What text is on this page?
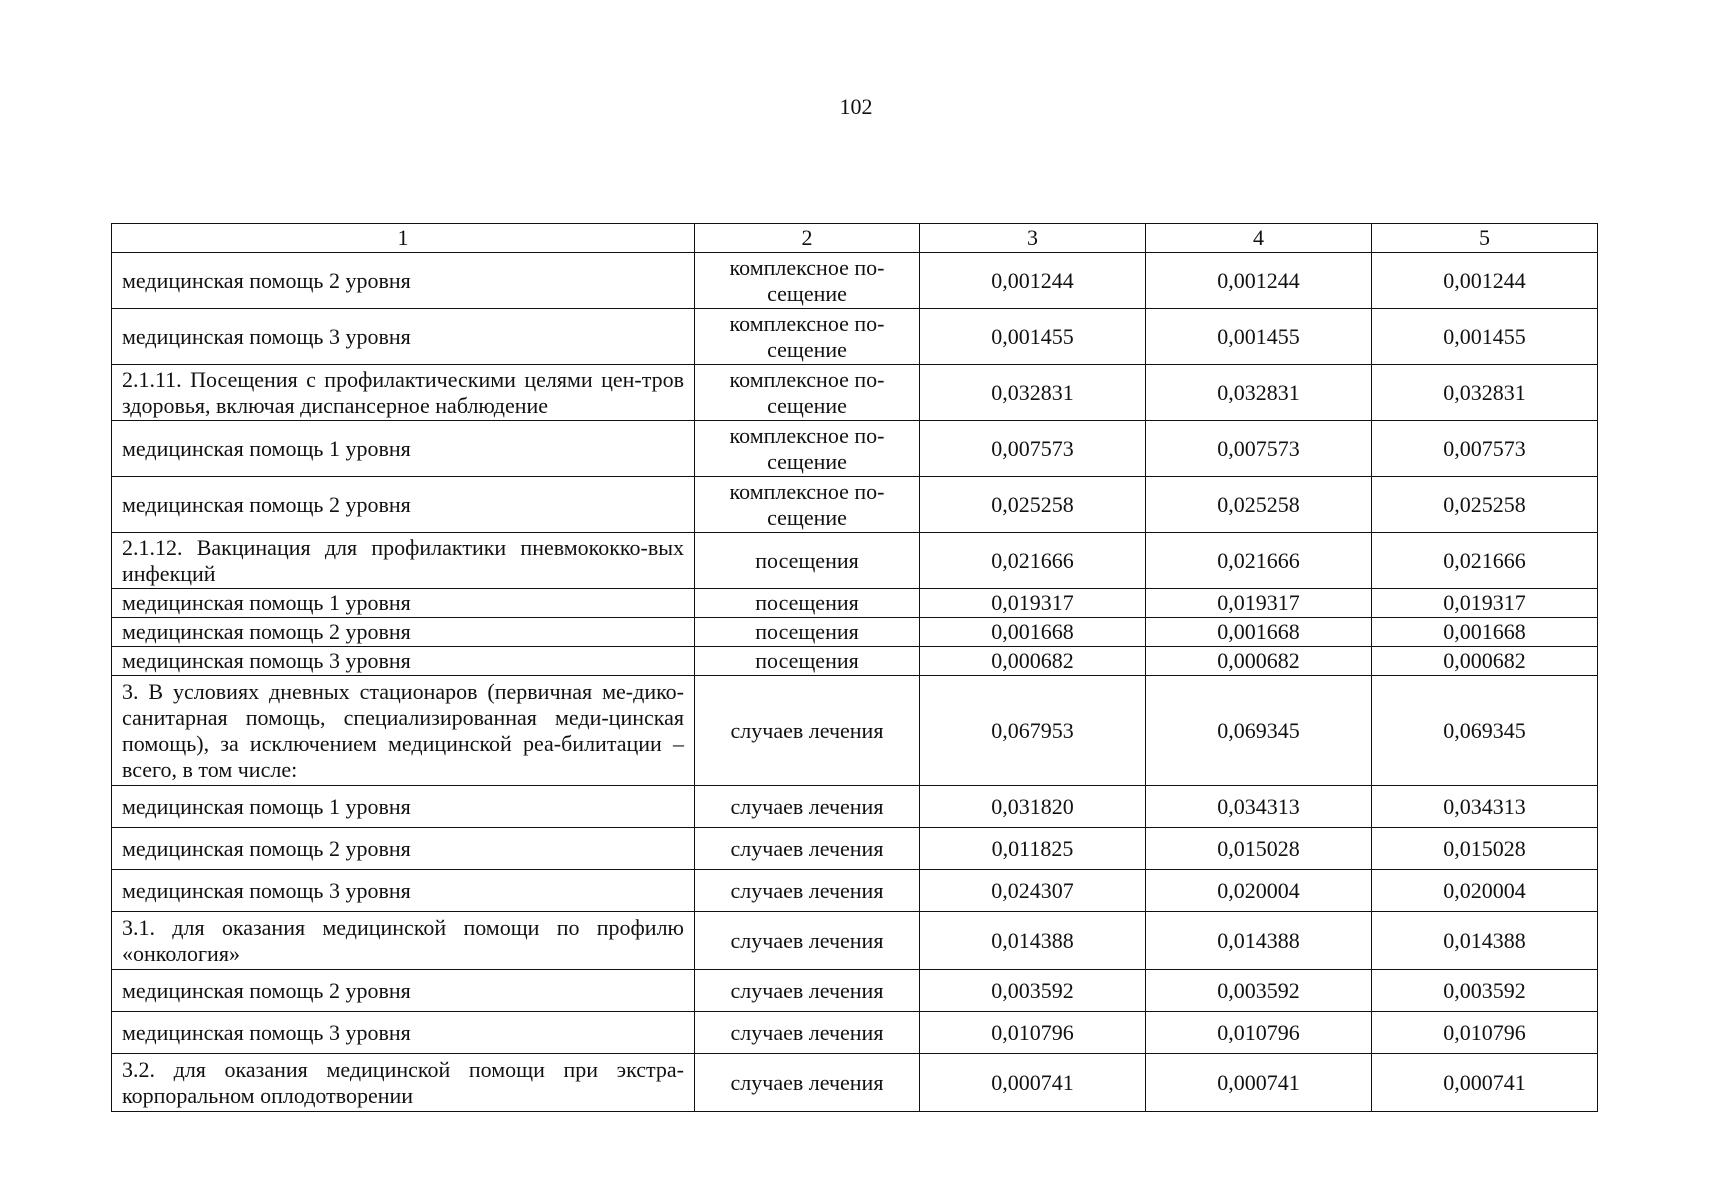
102
1	2	3	4	5
медицинская помощь 2 уровня	комплексное по-сещение	0,001244	0,001244	0,001244
медицинская помощь 3 уровня	комплексное по-сещение	0,001455	0,001455	0,001455
2.1.11. Посещения с профилактическими целями цен-тров здоровья, включая диспансерное наблюдение	комплексное по-сещение	0,032831	0,032831	0,032831
медицинская помощь 1 уровня	комплексное по-сещение	0,007573	0,007573	0,007573
медицинская помощь 2 уровня	комплексное по-сещение	0,025258	0,025258	0,025258
2.1.12. Вакцинация для профилактики пневмококко-вых инфекций	посещения	0,021666	0,021666	0,021666
медицинская помощь 1 уровня	посещения	0,019317	0,019317	0,019317
медицинская помощь 2 уровня	посещения	0,001668	0,001668	0,001668
медицинская помощь 3 уровня	посещения	0,000682	0,000682	0,000682
3. В условиях дневных стационаров (первичная ме-дико-санитарная помощь, специализированная меди-цинская помощь), за исключением медицинской реа-билитации – всего, в том числе:	случаев лечения	0,067953	0,069345	0,069345
медицинская помощь 1 уровня	случаев лечения	0,031820	0,034313	0,034313
медицинская помощь 2 уровня	случаев лечения	0,011825	0,015028	0,015028
медицинская помощь 3 уровня	случаев лечения	0,024307	0,020004	0,020004
3.1. для оказания медицинской помощи по профилю «онкология»	случаев лечения	0,014388	0,014388	0,014388
медицинская помощь 2 уровня	случаев лечения	0,003592	0,003592	0,003592
медицинская помощь 3 уровня	случаев лечения	0,010796	0,010796	0,010796
3.2. для оказания медицинской помощи при экстра-корпоральном оплодотворении	случаев лечения	0,000741	0,000741	0,000741
